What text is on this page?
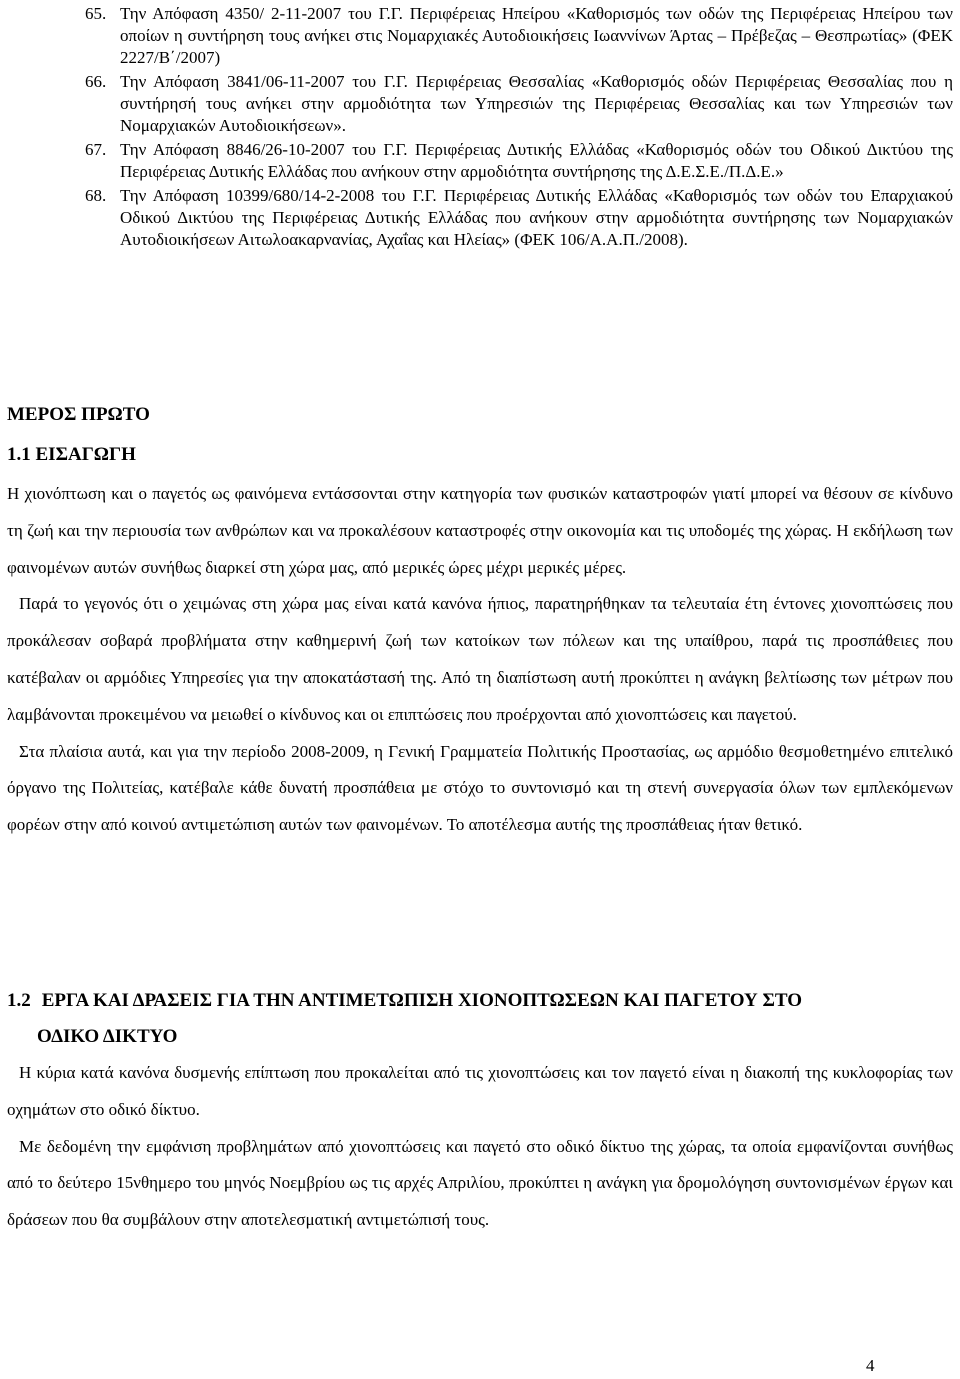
65. Την Απόφαση 4350/ 2-11-2007 του Γ.Γ. Περιφέρειας Ηπείρου «Καθορισμός των οδών της Περιφέρειας Ηπείρου των οποίων η συντήρηση τους ανήκει στις Νομαρχιακές Αυτοδιοικήσεις Ιωαννίνων Άρτας – Πρέβεζας – Θεσπρωτίας» (ΦΕΚ 2227/Β΄/2007)
66. Την Απόφαση 3841/06-11-2007 του Γ.Γ. Περιφέρειας Θεσσαλίας «Καθορισμός οδών Περιφέρειας Θεσσαλίας που η συντήρησή τους ανήκει στην αρμοδιότητα των Υπηρεσιών της Περιφέρειας Θεσσαλίας και των Υπηρεσιών των Νομαρχιακών Αυτοδιοικήσεων».
67. Την Απόφαση 8846/26-10-2007 του Γ.Γ. Περιφέρειας Δυτικής Ελλάδας «Καθορισμός οδών του Οδικού Δικτύου της Περιφέρειας Δυτικής Ελλάδας που ανήκουν στην αρμοδιότητα συντήρησης της Δ.Ε.Σ.Ε./Π.Δ.Ε.»
68. Την Απόφαση 10399/680/14-2-2008 του Γ.Γ. Περιφέρειας Δυτικής Ελλάδας «Καθορισμός των οδών του Επαρχιακού Οδικού Δικτύου της Περιφέρειας Δυτικής Ελλάδας που ανήκουν στην αρμοδιότητα συντήρησης των Νομαρχιακών Αυτοδιοικήσεων Αιτωλοακαρνανίας, Αχαΐας και Ηλείας» (ΦΕΚ 106/Α.Α.Π./2008).
ΜΕΡΟΣ ΠΡΩΤΟ
1.1 ΕΙΣΑΓΩΓΗ

Η χιονόπτωση και ο παγετός ως φαινόμενα εντάσσονται στην κατηγορία των φυσικών καταστροφών γιατί μπορεί να θέσουν σε κίνδυνο τη ζωή και την περιουσία των ανθρώπων και να προκαλέσουν καταστροφές στην οικονομία και τις υποδομές της χώρας. Η εκδήλωση των φαινομένων αυτών συνήθως διαρκεί στη χώρα μας, από μερικές ώρες μέχρι μερικές μέρες.

Παρά το γεγονός ότι ο χειμώνας στη χώρα μας είναι κατά κανόνα ήπιος, παρατηρήθηκαν τα τελευταία έτη έντονες χιονοπτώσεις που προκάλεσαν σοβαρά προβλήματα στην καθημερινή ζωή των κατοίκων των πόλεων και της υπαίθρου, παρά τις προσπάθειες που κατέβαλαν οι αρμόδιες Υπηρεσίες για την αποκατάστασή της. Από τη διαπίστωση αυτή προκύπτει η ανάγκη βελτίωσης των μέτρων που λαμβάνονται προκειμένου να μειωθεί ο κίνδυνος και οι επιπτώσεις που προέρχονται από χιονοπτώσεις και παγετού.

Στα πλαίσια αυτά, και για την περίοδο 2008-2009, η Γενική Γραμματεία Πολιτικής Προστασίας, ως αρμόδιο θεσμοθετημένο επιτελικό όργανο της Πολιτείας, κατέβαλε κάθε δυνατή προσπάθεια με στόχο το συντονισμό και τη στενή συνεργασία όλων των εμπλεκόμενων φορέων στην από κοινού αντιμετώπιση αυτών των φαινομένων. Το αποτέλεσμα αυτής της προσπάθειας ήταν θετικό.

1.2 ΕΡΓΑ ΚΑΙ ΔΡΑΣΕΙΣ ΓΙΑ ΤΗΝ ΑΝΤΙΜΕΤΩΠΙΣΗ ΧΙΟΝΟΠΤΩΣΕΩΝ ΚΑΙ ΠΑΓΕΤΟΥ ΣΤΟ
ΟΔΙΚΟ ΔΙΚΤΥΟ

Η κύρια κατά κανόνα δυσμενής επίπτωση που προκαλείται από τις χιονοπτώσεις και τον παγετό είναι η διακοπή της κυκλοφορίας των οχημάτων στο οδικό δίκτυο.

Με δεδομένη την εμφάνιση προβλημάτων από χιονοπτώσεις και παγετό στο οδικό δίκτυο της χώρας, τα οποία εμφανίζονται συνήθως από το δεύτερο 15νθημερο του μηνός Νοεμβρίου ως τις αρχές Απριλίου, προκύπτει η ανάγκη για δρομολόγηση συντονισμένων έργων και δράσεων που θα συμβάλουν στην αποτελεσματική αντιμετώπισή τους.

4
